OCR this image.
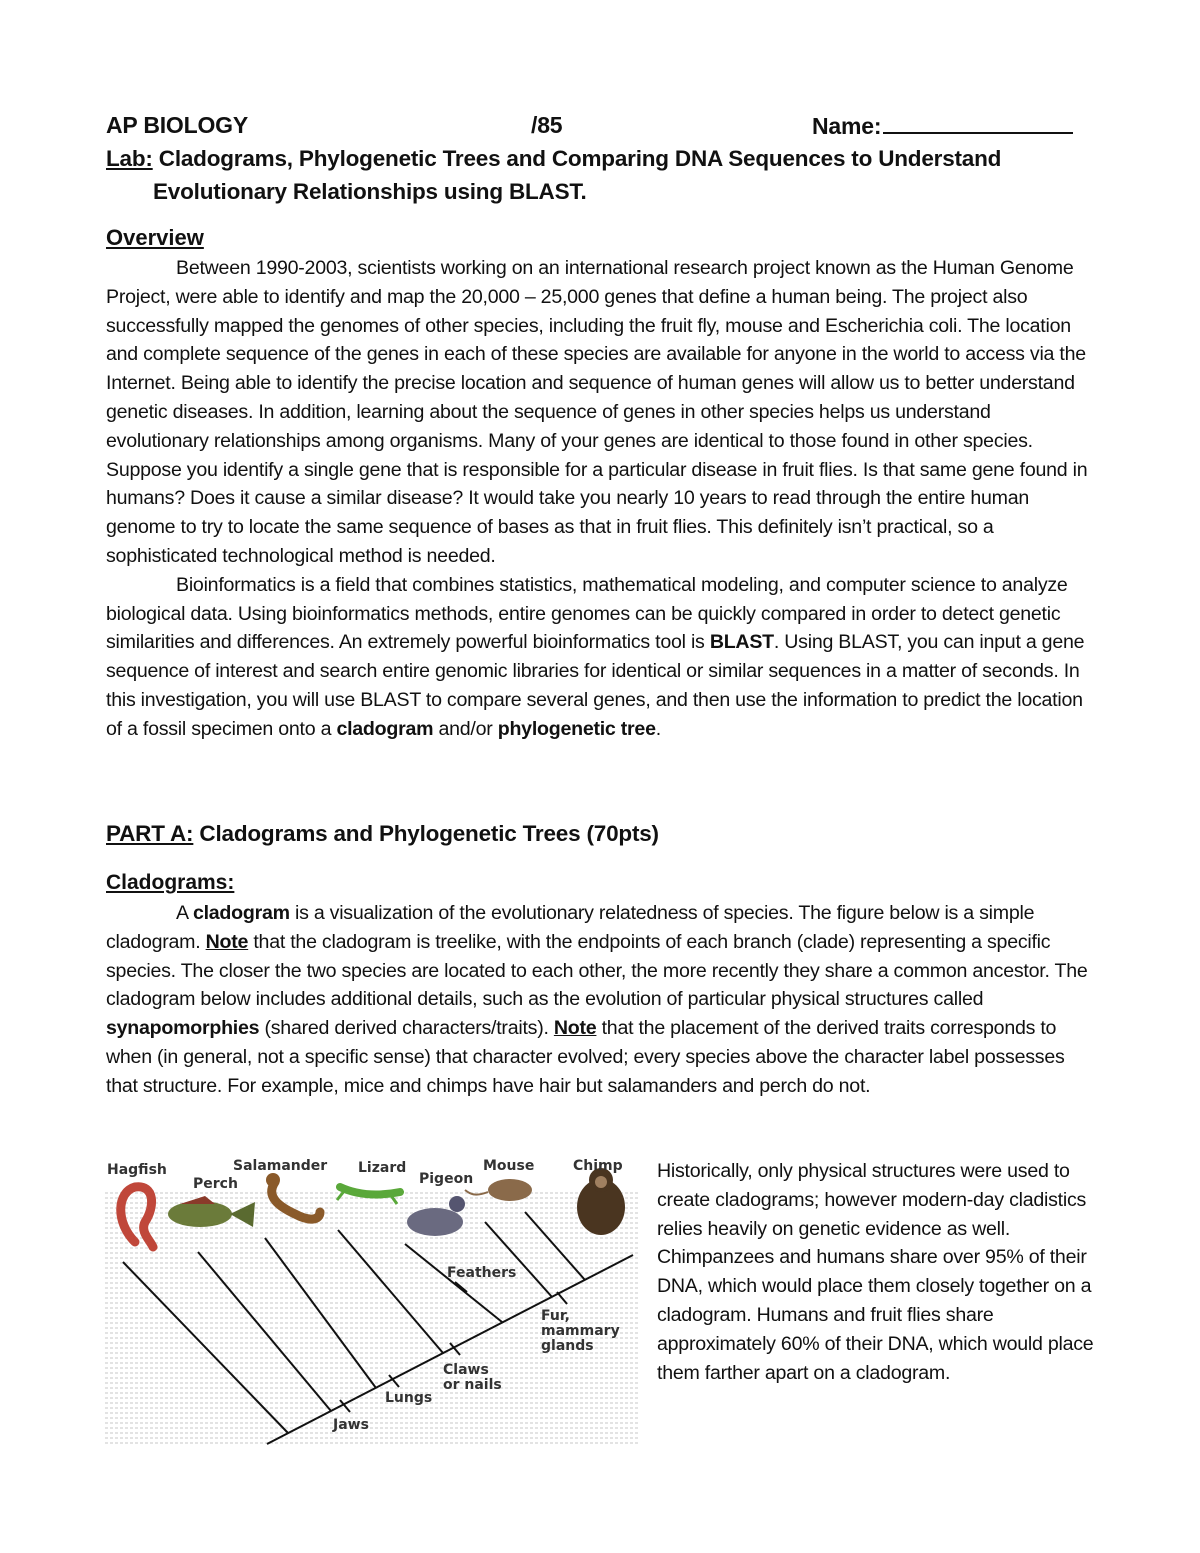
AP BIOLOGY	/85	Name:
Lab: Cladograms, Phylogenetic Trees and Comparing DNA Sequences to Understand
Evolutionary Relationships using BLAST.
Overview

Between 1990-2003, scientists working on an international research project known as the Human Genome Project, were able to identify and map the 20,000 – 25,000 genes that define a human being. The project also successfully mapped the genomes of other species, including the fruit fly, mouse and Escherichia coli. The location and complete sequence of the genes in each of these species are available for anyone in the world to access via the Internet. Being able to identify the precise location and sequence of human genes will allow us to better understand genetic diseases. In addition, learning about the sequence of genes in other species helps us understand evolutionary relationships among organisms. Many of your genes are identical to those found in other species. Suppose you identify a single gene that is responsible for a particular disease in fruit flies. Is that same gene found in humans? Does it cause a similar disease? It would take you nearly 10 years to read through the entire human genome to try to locate the same sequence of bases as that in fruit flies. This definitely isn’t practical, so a sophisticated technological method is needed.

Bioinformatics is a field that combines statistics, mathematical modeling, and computer science to analyze biological data. Using bioinformatics methods, entire genomes can be quickly compared in order to detect genetic similarities and differences. An extremely powerful bioinformatics tool is BLAST. Using BLAST, you can input a gene sequence of interest and search entire genomic libraries for identical or similar sequences in a matter of seconds. In this investigation, you will use BLAST to compare several genes, and then use the information to predict the location of a fossil specimen onto a cladogram and/or phylogenetic tree.

PART A: Cladograms and Phylogenetic Trees (70pts)
Cladograms:

A cladogram is a visualization of the evolutionary relatedness of species. The figure below is a simple cladogram. Note that the cladogram is treelike, with the endpoints of each branch (clade) representing a specific species. The closer the two species are located to each other, the more recently they share a common ancestor. The cladogram below includes additional details, such as the evolution of particular physical structures called synapomorphies (shared derived characters/traits). Note that the placement of the derived traits corresponds to when (in general, not a specific sense) that character evolved; every species above the character label possesses that structure. For example, mice and chimps have hair but salamanders and perch do not.

Hagfish
Perch
Salamander Lizard
Pigeon
Mouse	Chimp
Jaws
Lungs
Claws
or nails
Feathers
Fur,
mammary
glands
Historically, only physical structures were used to create cladograms; however modern-day cladistics relies heavily on genetic evidence as well. Chimpanzees and humans share over 95% of their DNA, which would place them closely together on a cladogram. Humans and fruit flies share approximately 60% of their DNA, which would place them farther apart on a cladogram.
